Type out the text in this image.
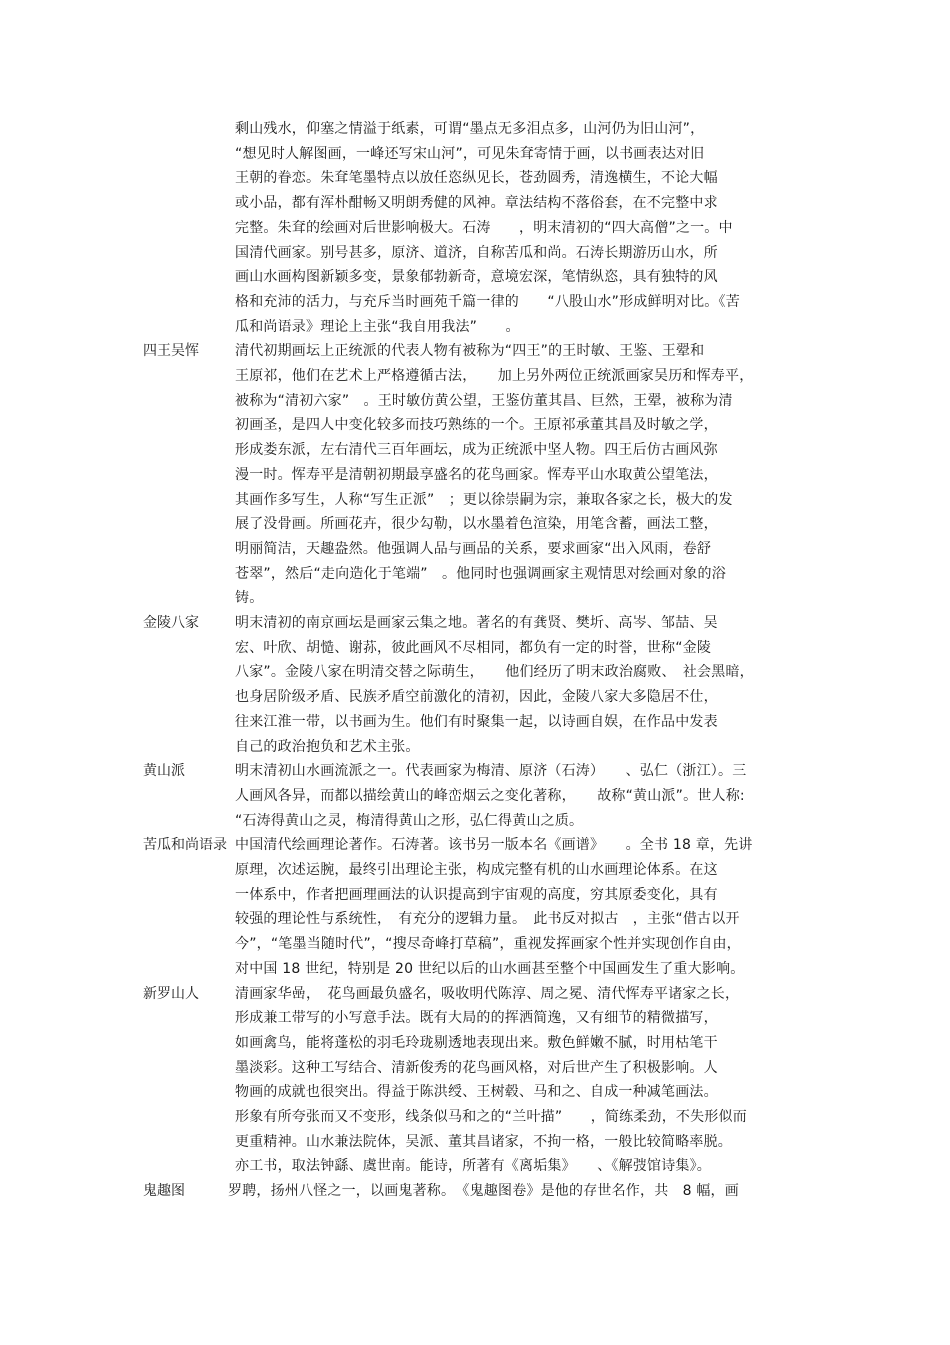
剩山残水，仰塞之情溢于纸素，可谓“墨点无多泪点多，山河仍为旧山河”，
“想见时人解图画，一峰还写宋山河”，可见朱耷寄情于画，以书画表达对旧
王朝的眷恋。朱耷笔墨特点以放任恣纵见长，苍劲圆秀，清逸横生，不论大幅
或小品，都有浑朴酣畅又明朗秀健的风神。章法结构不落俗套，在不完整中求
完整。朱耷的绘画对后世影响极大。石涛　　，明末清初的“四大高僧”之一。中
国清代画家。别号甚多，原济、道济，自称苦瓜和尚。石涛长期游历山水，所
画山水画构图新颖多变，景象郁勃新奇，意境宏深，笔情纵恣，具有独特的风
格和充沛的活力，与充斥当时画苑千篇一律的　　“八股山水”形成鲜明对比。《苦
瓜和尚语录》理论上主张“我自用我法”　　。
四王吴恽	清代初期画坛上正统派的代表人物有被称为“四王”的王时敏、王鉴、王翚和
王原祁，他们在艺术上严格遵循古法，　　加上另外两位正统派画家吴历和恽寿平，
被称为“清初六家”　。王时敏仿黄公望，王鉴仿董其昌、巨然，王翚，被称为清
初画圣，是四人中变化较多而技巧熟练的一个。王原祁承董其昌及时敏之学，
形成娄东派，左右清代三百年画坛，成为正统派中坚人物。四王后仿古画风弥
漫一时。恽寿平是清朝初期最享盛名的花鸟画家。恽寿平山水取黄公望笔法，
其画作多写生，人称“写生正派”　；更以徐崇嗣为宗，兼取各家之长，极大的发
展了没骨画。所画花卉，很少勾勒，以水墨着色渲染，用笔含蓄，画法工整，
明丽简洁，天趣盎然。他强调人品与画品的关系，要求画家“出入风雨，卷舒
苍翠”，然后“走向造化于笔端”　。他同时也强调画家主观情思对绘画对象的浴
铸。
金陵八家	明末清初的南京画坛是画家云集之地。著名的有龚贤、樊圻、高岑、邹喆、吴
宏、叶欣、胡慥、谢荪，彼此画风不尽相同，都负有一定的时誉，世称“金陵
八家”。金陵八家在明清交替之际萌生，　　他们经历了明末政治腐败、　社会黑暗，
也身居阶级矛盾、民族矛盾空前激化的清初，因此，金陵八家大多隐居不仕，
往来江淮一带，以书画为生。他们有时聚集一起，以诗画自娱，在作品中发表
自己的政治抱负和艺术主张。
黄山派	明末清初山水画流派之一。代表画家为梅清、原济（石涛）　　、弘仁（浙江）。三
人画风各异，而都以描绘黄山的峰峦烟云之变化著称，　　故称“黄山派”。世人称:
“石涛得黄山之灵，梅清得黄山之形，弘仁得黄山之质。
苦瓜和尚语录 中国清代绘画理论著作。石涛著。该书另一版本名《画谱》　　。全书 18 章，先讲
原理，次述运腕，最终引出理论主张，构成完整有机的山水画理论体系。在这
一体系中，作者把画理画法的认识提高到宇宙观的高度，穷其原委变化，具有
较强的理论性与系统性，　有充分的逻辑力量。　此书反对拟古　，主张“借古以开
今”，“笔墨当随时代”，“搜尽奇峰打草稿”，重视发挥画家个性并实现创作自由，
对中国 18 世纪，特别是 20 世纪以后的山水画甚至整个中国画发生了重大影响。
新罗山人	清画家华喦，　花鸟画最负盛名，吸收明代陈淳、周之冕、清代恽寿平诸家之长，
形成兼工带写的小写意手法。既有大局的的挥洒简逸，又有细节的精微描写，
如画禽鸟，能将蓬松的羽毛玲珑剔透地表现出来。敷色鲜嫩不腻，时用枯笔干
墨淡彩。这种工写结合、清新俊秀的花鸟画风格，对后世产生了积极影响。人
物画的成就也很突出。得益于陈洪绶、王树毂、马和之、自成一种减笔画法。
形象有所夸张而又不变形，线条似马和之的“兰叶描”　　，简练柔劲，不失形似而
更重精神。山水兼法院体，吴派、董其昌诸家，不拘一格，一般比较简略率脱。
亦工书，取法钟繇、虞世南。能诗，所著有《离垢集》　　、《解弢馆诗集》。
鬼趣图	罗聘，扬州八怪之一，以画鬼著称。　《鬼趣图卷》是他的存世名作，共　8 幅，画
